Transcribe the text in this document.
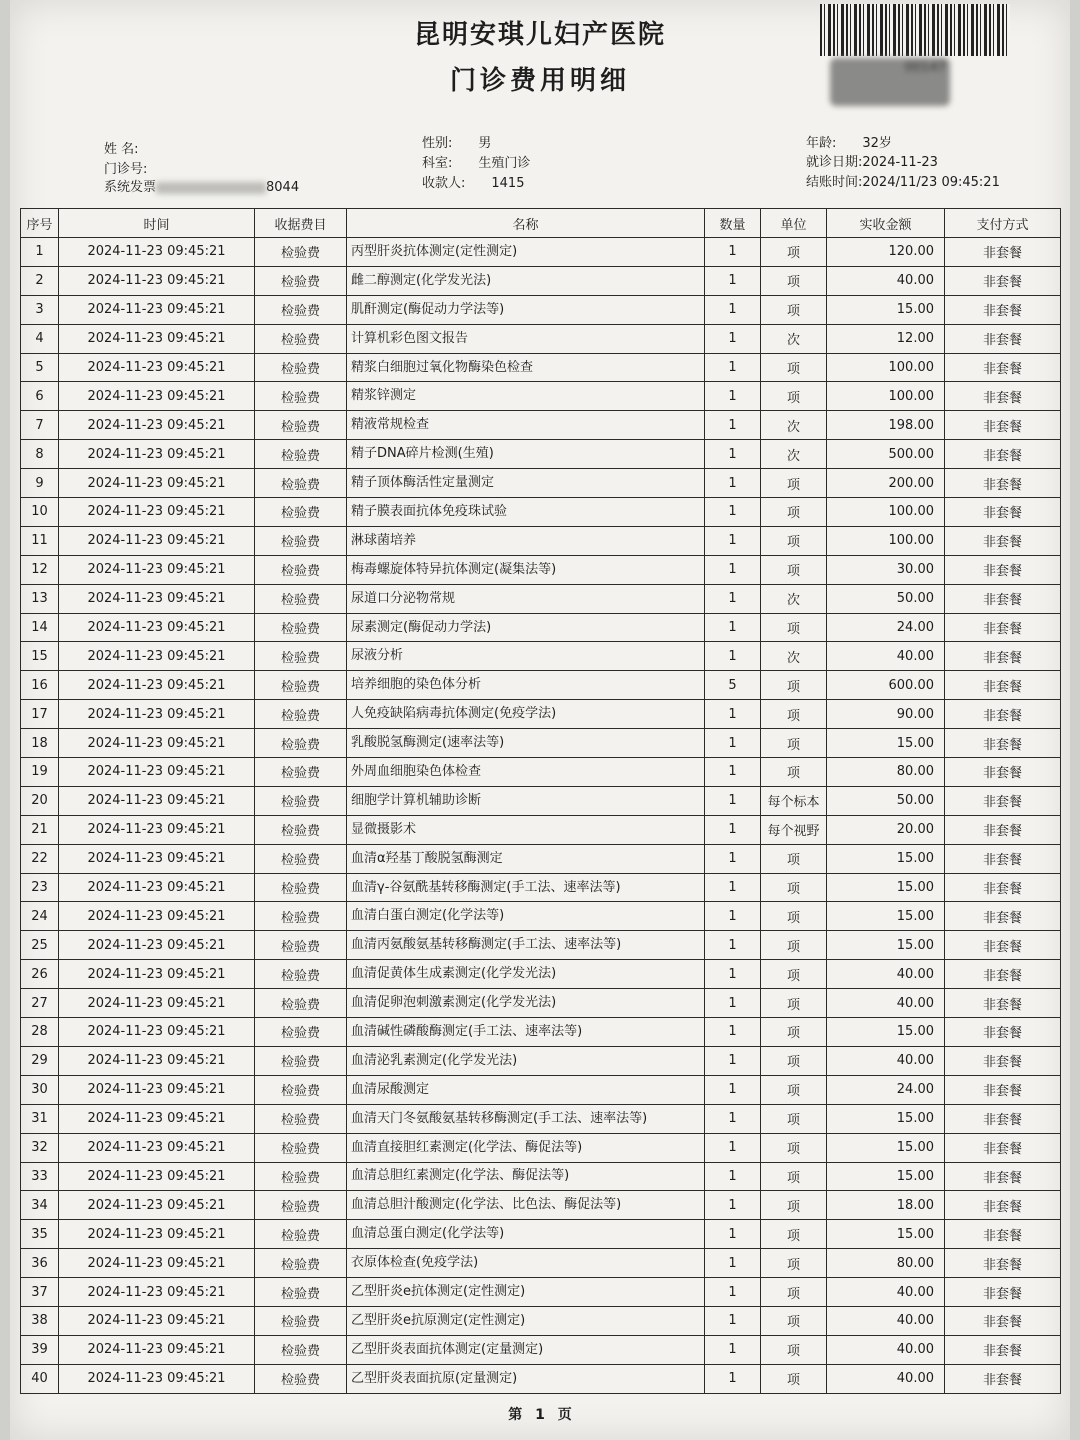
00147
昆明安琪儿妇产医院
门诊费用明细
姓 名:
门诊号:
系统发票	8044
性别: 男
科室: 生殖门诊
收款人: 1415
年龄: 32岁
就诊日期:2024-11-23
结账时间:2024/11/23 09:45:21
序号	时间	收据费目	名称	数量	单位	实收金额	支付方式
1	2024-11-23 09:45:21	检验费	丙型肝炎抗体测定(定性测定)	1	项	120.00	非套餐
2	2024-11-23 09:45:21	检验费	雌二醇测定(化学发光法)	1	项	40.00	非套餐
3	2024-11-23 09:45:21	检验费	肌酐测定(酶促动力学法等)	1	项	15.00	非套餐
4	2024-11-23 09:45:21	检验费	计算机彩色图文报告	1	次	12.00	非套餐
5	2024-11-23 09:45:21	检验费	精浆白细胞过氧化物酶染色检查	1	项	100.00	非套餐
6	2024-11-23 09:45:21	检验费	精浆锌测定	1	项	100.00	非套餐
7	2024-11-23 09:45:21	检验费	精液常规检查	1	次	198.00	非套餐
8	2024-11-23 09:45:21	检验费	精子DNA碎片检测(生殖)	1	次	500.00	非套餐
9	2024-11-23 09:45:21	检验费	精子顶体酶活性定量测定	1	项	200.00	非套餐
10	2024-11-23 09:45:21	检验费	精子膜表面抗体免疫珠试验	1	项	100.00	非套餐
11	2024-11-23 09:45:21	检验费	淋球菌培养	1	项	100.00	非套餐
12	2024-11-23 09:45:21	检验费	梅毒螺旋体特异抗体测定(凝集法等)	1	项	30.00	非套餐
13	2024-11-23 09:45:21	检验费	尿道口分泌物常规	1	次	50.00	非套餐
14	2024-11-23 09:45:21	检验费	尿素测定(酶促动力学法)	1	项	24.00	非套餐
15	2024-11-23 09:45:21	检验费	尿液分析	1	次	40.00	非套餐
16	2024-11-23 09:45:21	检验费	培养细胞的染色体分析	5	项	600.00	非套餐
17	2024-11-23 09:45:21	检验费	人免疫缺陷病毒抗体测定(免疫学法)	1	项	90.00	非套餐
18	2024-11-23 09:45:21	检验费	乳酸脱氢酶测定(速率法等)	1	项	15.00	非套餐
19	2024-11-23 09:45:21	检验费	外周血细胞染色体检查	1	项	80.00	非套餐
20	2024-11-23 09:45:21	检验费	细胞学计算机辅助诊断	1	每个标本	50.00	非套餐
21	2024-11-23 09:45:21	检验费	显微摄影术	1	每个视野	20.00	非套餐
22	2024-11-23 09:45:21	检验费	血清α羟基丁酸脱氢酶测定	1	项	15.00	非套餐
23	2024-11-23 09:45:21	检验费	血清γ-谷氨酰基转移酶测定(手工法、速率法等)	1	项	15.00	非套餐
24	2024-11-23 09:45:21	检验费	血清白蛋白测定(化学法等)	1	项	15.00	非套餐
25	2024-11-23 09:45:21	检验费	血清丙氨酸氨基转移酶测定(手工法、速率法等)	1	项	15.00	非套餐
26	2024-11-23 09:45:21	检验费	血清促黄体生成素测定(化学发光法)	1	项	40.00	非套餐
27	2024-11-23 09:45:21	检验费	血清促卵泡刺激素测定(化学发光法)	1	项	40.00	非套餐
28	2024-11-23 09:45:21	检验费	血清碱性磷酸酶测定(手工法、速率法等)	1	项	15.00	非套餐
29	2024-11-23 09:45:21	检验费	血清泌乳素测定(化学发光法)	1	项	40.00	非套餐
30	2024-11-23 09:45:21	检验费	血清尿酸测定	1	项	24.00	非套餐
31	2024-11-23 09:45:21	检验费	血清天门冬氨酸氨基转移酶测定(手工法、速率法等)	1	项	15.00	非套餐
32	2024-11-23 09:45:21	检验费	血清直接胆红素测定(化学法、酶促法等)	1	项	15.00	非套餐
33	2024-11-23 09:45:21	检验费	血清总胆红素测定(化学法、酶促法等)	1	项	15.00	非套餐
34	2024-11-23 09:45:21	检验费	血清总胆汁酸测定(化学法、比色法、酶促法等)	1	项	18.00	非套餐
35	2024-11-23 09:45:21	检验费	血清总蛋白测定(化学法等)	1	项	15.00	非套餐
36	2024-11-23 09:45:21	检验费	衣原体检查(免疫学法)	1	项	80.00	非套餐
37	2024-11-23 09:45:21	检验费	乙型肝炎e抗体测定(定性测定)	1	项	40.00	非套餐
38	2024-11-23 09:45:21	检验费	乙型肝炎e抗原测定(定性测定)	1	项	40.00	非套餐
39	2024-11-23 09:45:21	检验费	乙型肝炎表面抗体测定(定量测定)	1	项	40.00	非套餐
40	2024-11-23 09:45:21	检验费	乙型肝炎表面抗原(定量测定)	1	项	40.00	非套餐
第 1 页
